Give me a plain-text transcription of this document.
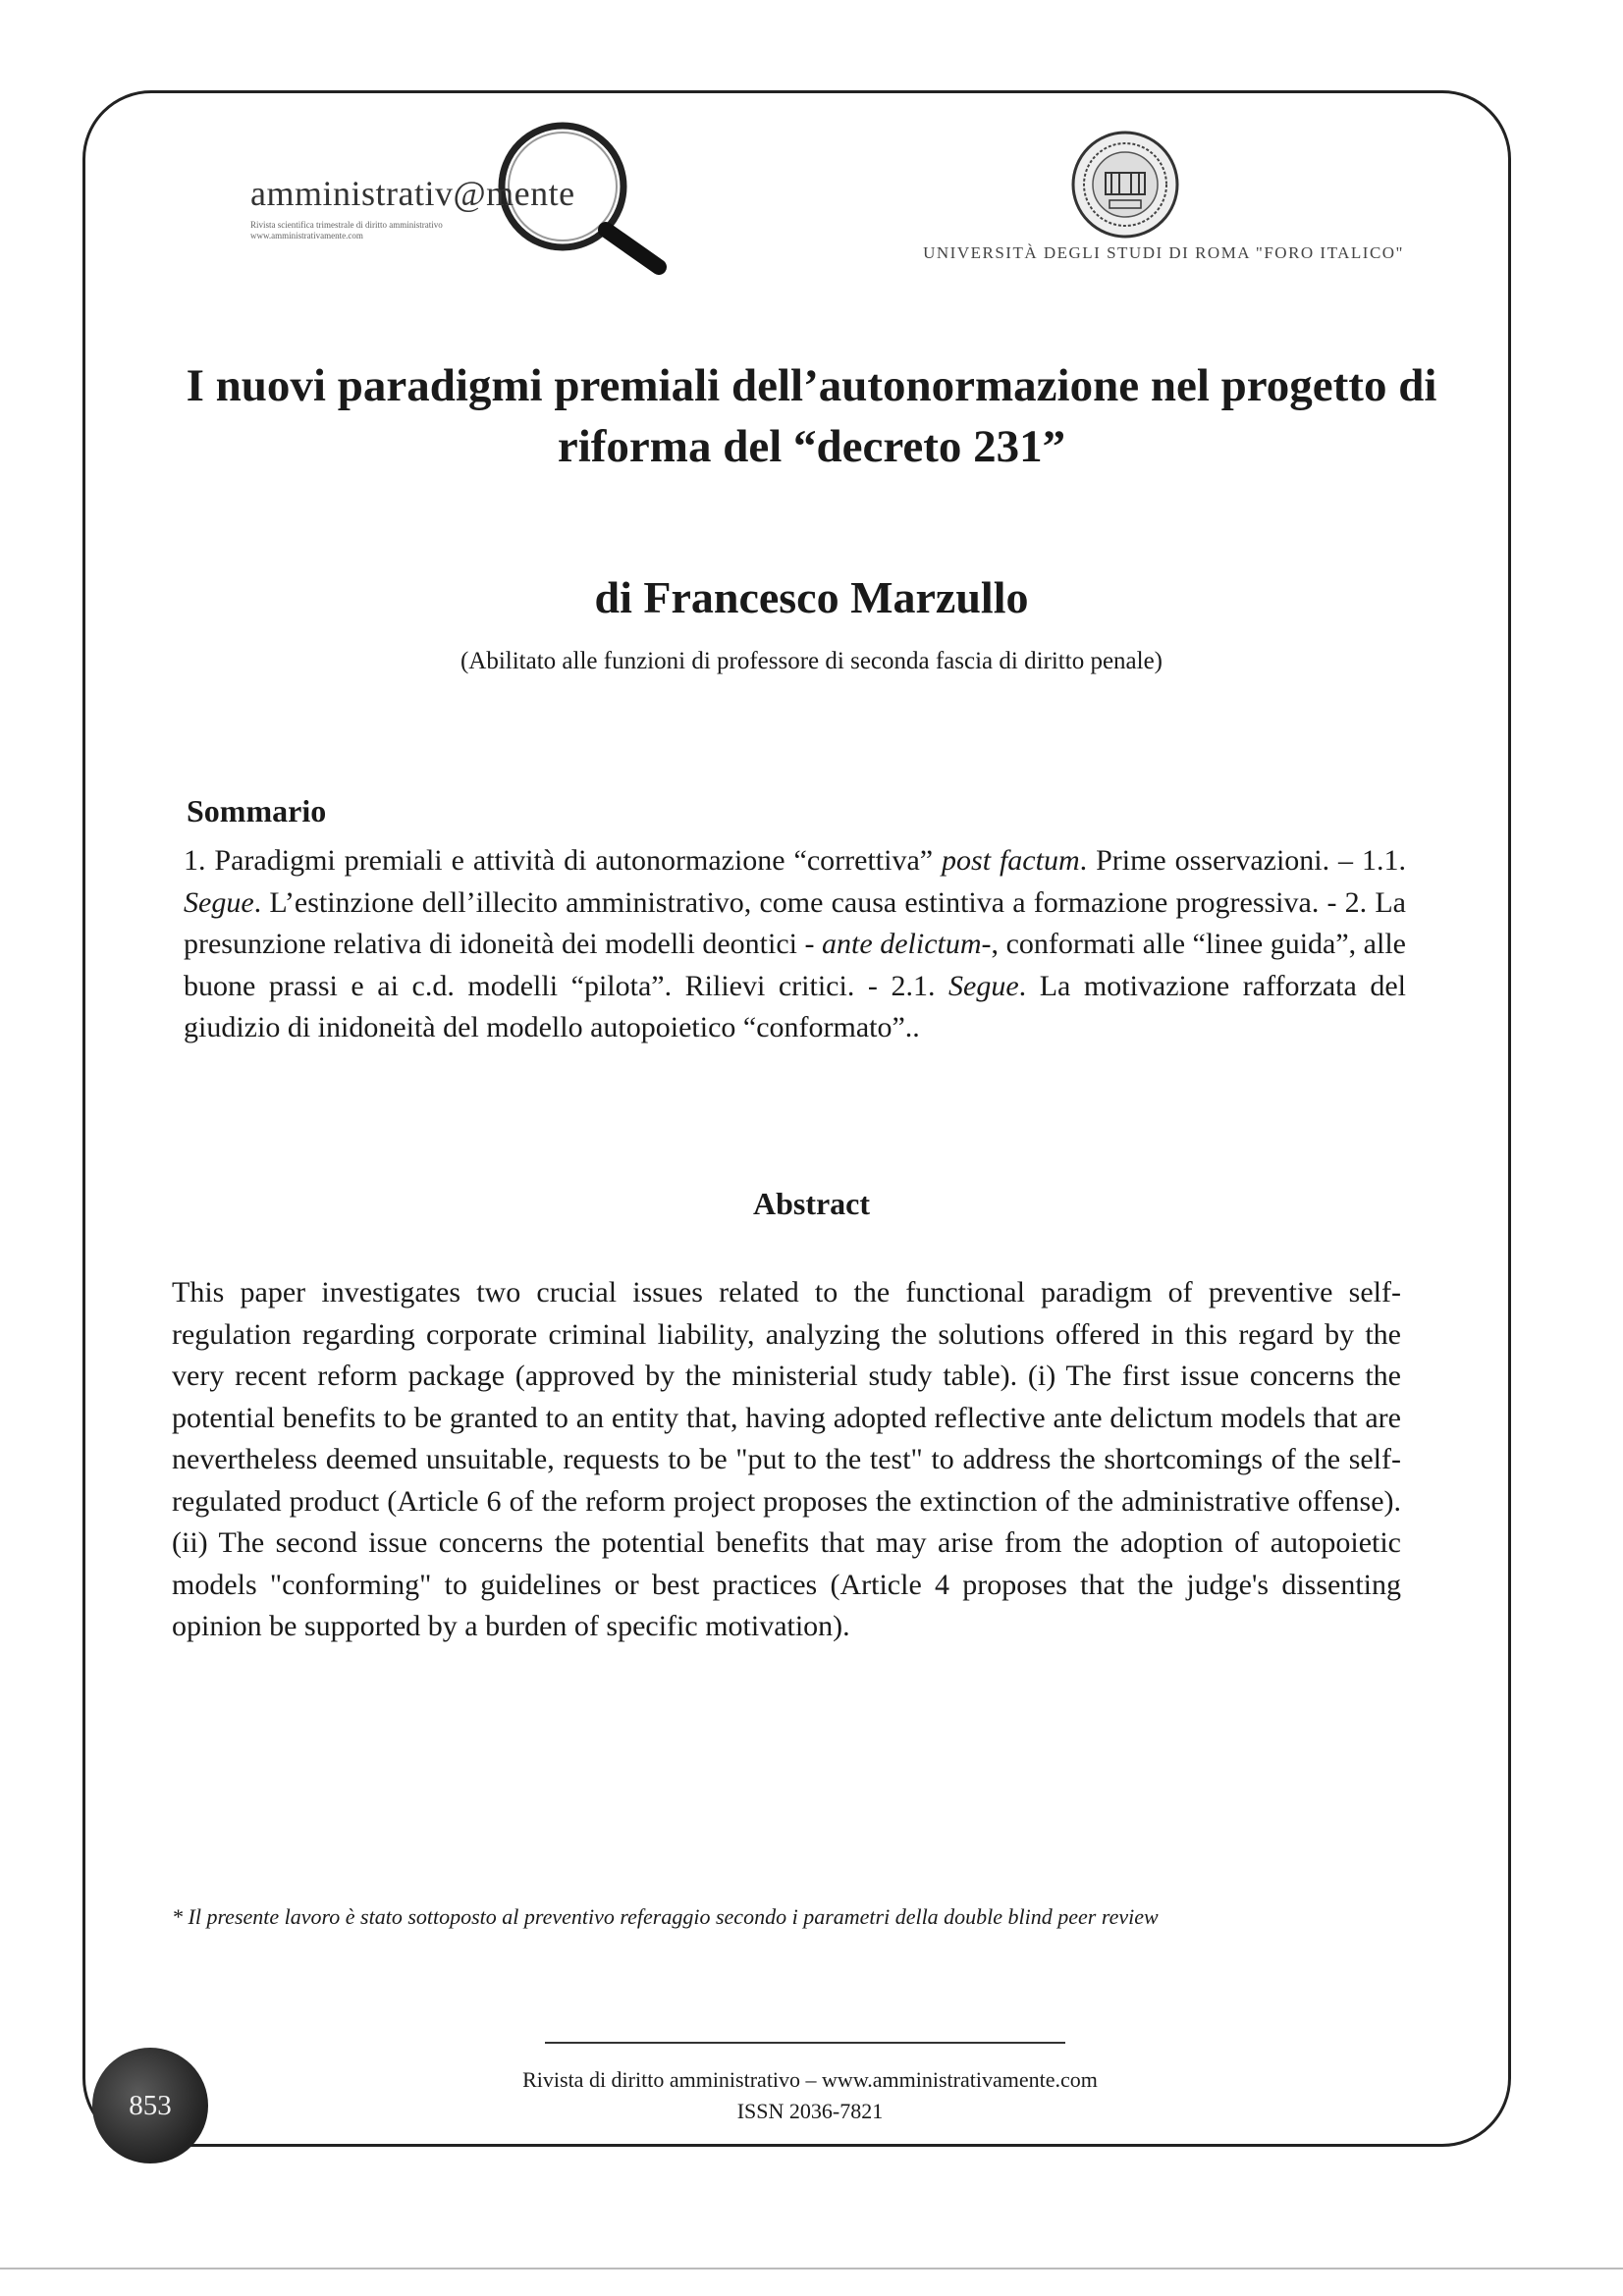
amministrativ@mente
Rivista scientifica trimestrale di diritto amministrativo
www.amministrativamente.com
UNIVERSITÀ DEGLI STUDI DI ROMA "FORO ITALICO"
I nuovi paradigmi premiali dell’autonormazione nel progetto di riforma del “decreto 231”
di Francesco Marzullo
(Abilitato alle funzioni di professore di seconda fascia di diritto penale)
Sommario
1. Paradigmi premiali e attività di autonormazione “correttiva” post factum. Prime osservazioni. – 1.1. Segue. L’estinzione dell’illecito amministrativo, come causa estintiva a formazione progressiva. - 2. La presunzione relativa di idoneità dei modelli deontici - ante delictum-, conformati alle “linee guida”, alle buone prassi e ai c.d. modelli “pilota”. Rilievi critici. - 2.1. Segue. La motivazione rafforzata del giudizio di inidoneità del modello autopoietico “conformato”..
Abstract
This paper investigates two crucial issues related to the functional paradigm of preventive self-regulation regarding corporate criminal liability, analyzing the solutions offered in this regard by the very recent reform package (approved by the ministerial study table). (i) The first issue concerns the potential benefits to be granted to an entity that, having adopted reflective ante delictum models that are nevertheless deemed unsuitable, requests to be "put to the test" to address the shortcomings of the self-regulated product (Article 6 of the reform project proposes the extinction of the administrative offense). (ii) The second issue concerns the potential benefits that may arise from the adoption of autopoietic models "conforming" to guidelines or best practices (Article 4 proposes that the judge's dissenting opinion be supported by a burden of specific motivation).
* Il presente lavoro è stato sottoposto al preventivo referaggio secondo i parametri della double blind peer review
Rivista di diritto amministrativo – www.amministrativamente.com
ISSN 2036-7821
853
